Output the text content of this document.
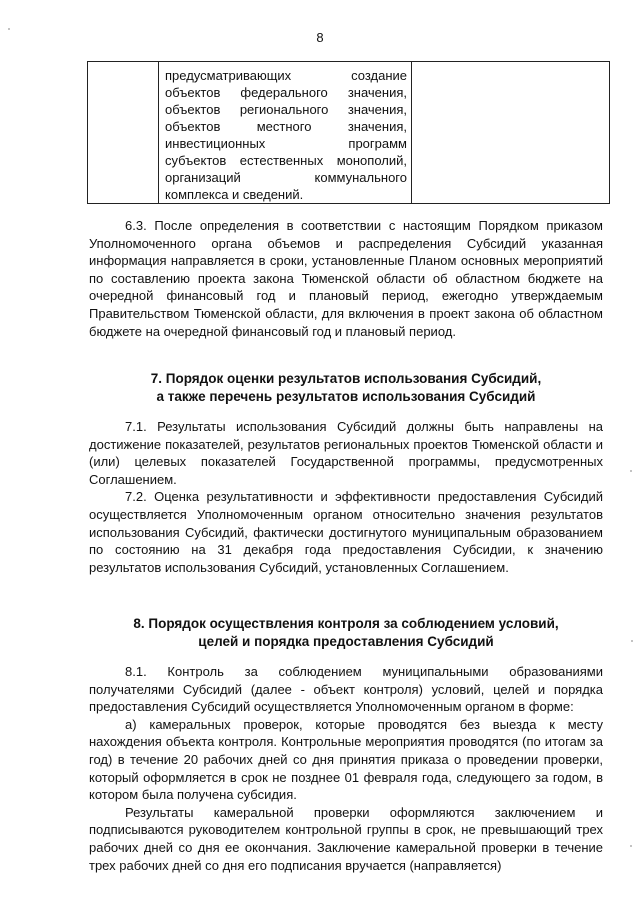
8

предусматривающих создание
объектов федерального значения,
объектов регионального значения,
объектов местного значения,
инвестиционных программ
субъектов естественных монополий,
организаций коммунального
комплекса и сведений.

6.3. После определения в соответствии с настоящим Порядком приказом Уполномоченного органа объемов и распределения Субсидий указанная информация направляется в сроки, установленные Планом основных мероприятий по составлению проекта закона Тюменской области об областном бюджете на очередной финансовый год и плановый период, ежегодно утверждаемым Правительством Тюменской области, для включения в проект закона об областном бюджете на очередной финансовый год и плановый период.

7. Порядок оценки результатов использования Субсидий,
а также перечень результатов использования Субсидий

7.1. Результаты использования Субсидий должны быть направлены на достижение показателей, результатов региональных проектов Тюменской области и (или) целевых показателей Государственной программы, предусмотренных Соглашением.

7.2. Оценка результативности и эффективности предоставления Субсидий осуществляется Уполномоченным органом относительно значения результатов использования Субсидий, фактически достигнутого муниципальным образованием по состоянию на 31 декабря года предоставления Субсидии, к значению результатов использования Субсидий, установленных Соглашением.

8. Порядок осуществления контроля за соблюдением условий,
целей и порядка предоставления Субсидий

8.1. Контроль за соблюдением муниципальными образованиями получателями Субсидий (далее - объект контроля) условий, целей и порядка предоставления Субсидий осуществляется Уполномоченным органом в форме:

а) камеральных проверок, которые проводятся без выезда к месту нахождения объекта контроля. Контрольные мероприятия проводятся (по итогам за год) в течение 20 рабочих дней со дня принятия приказа о проведении проверки, который оформляется в срок не позднее 01 февраля года, следующего за годом, в котором была получена субсидия.

Результаты камеральной проверки оформляются заключением и подписываются руководителем контрольной группы в срок, не превышающий трех рабочих дней со дня ее окончания. Заключение камеральной проверки в течение трех рабочих дней со дня его подписания вручается (направляется)
